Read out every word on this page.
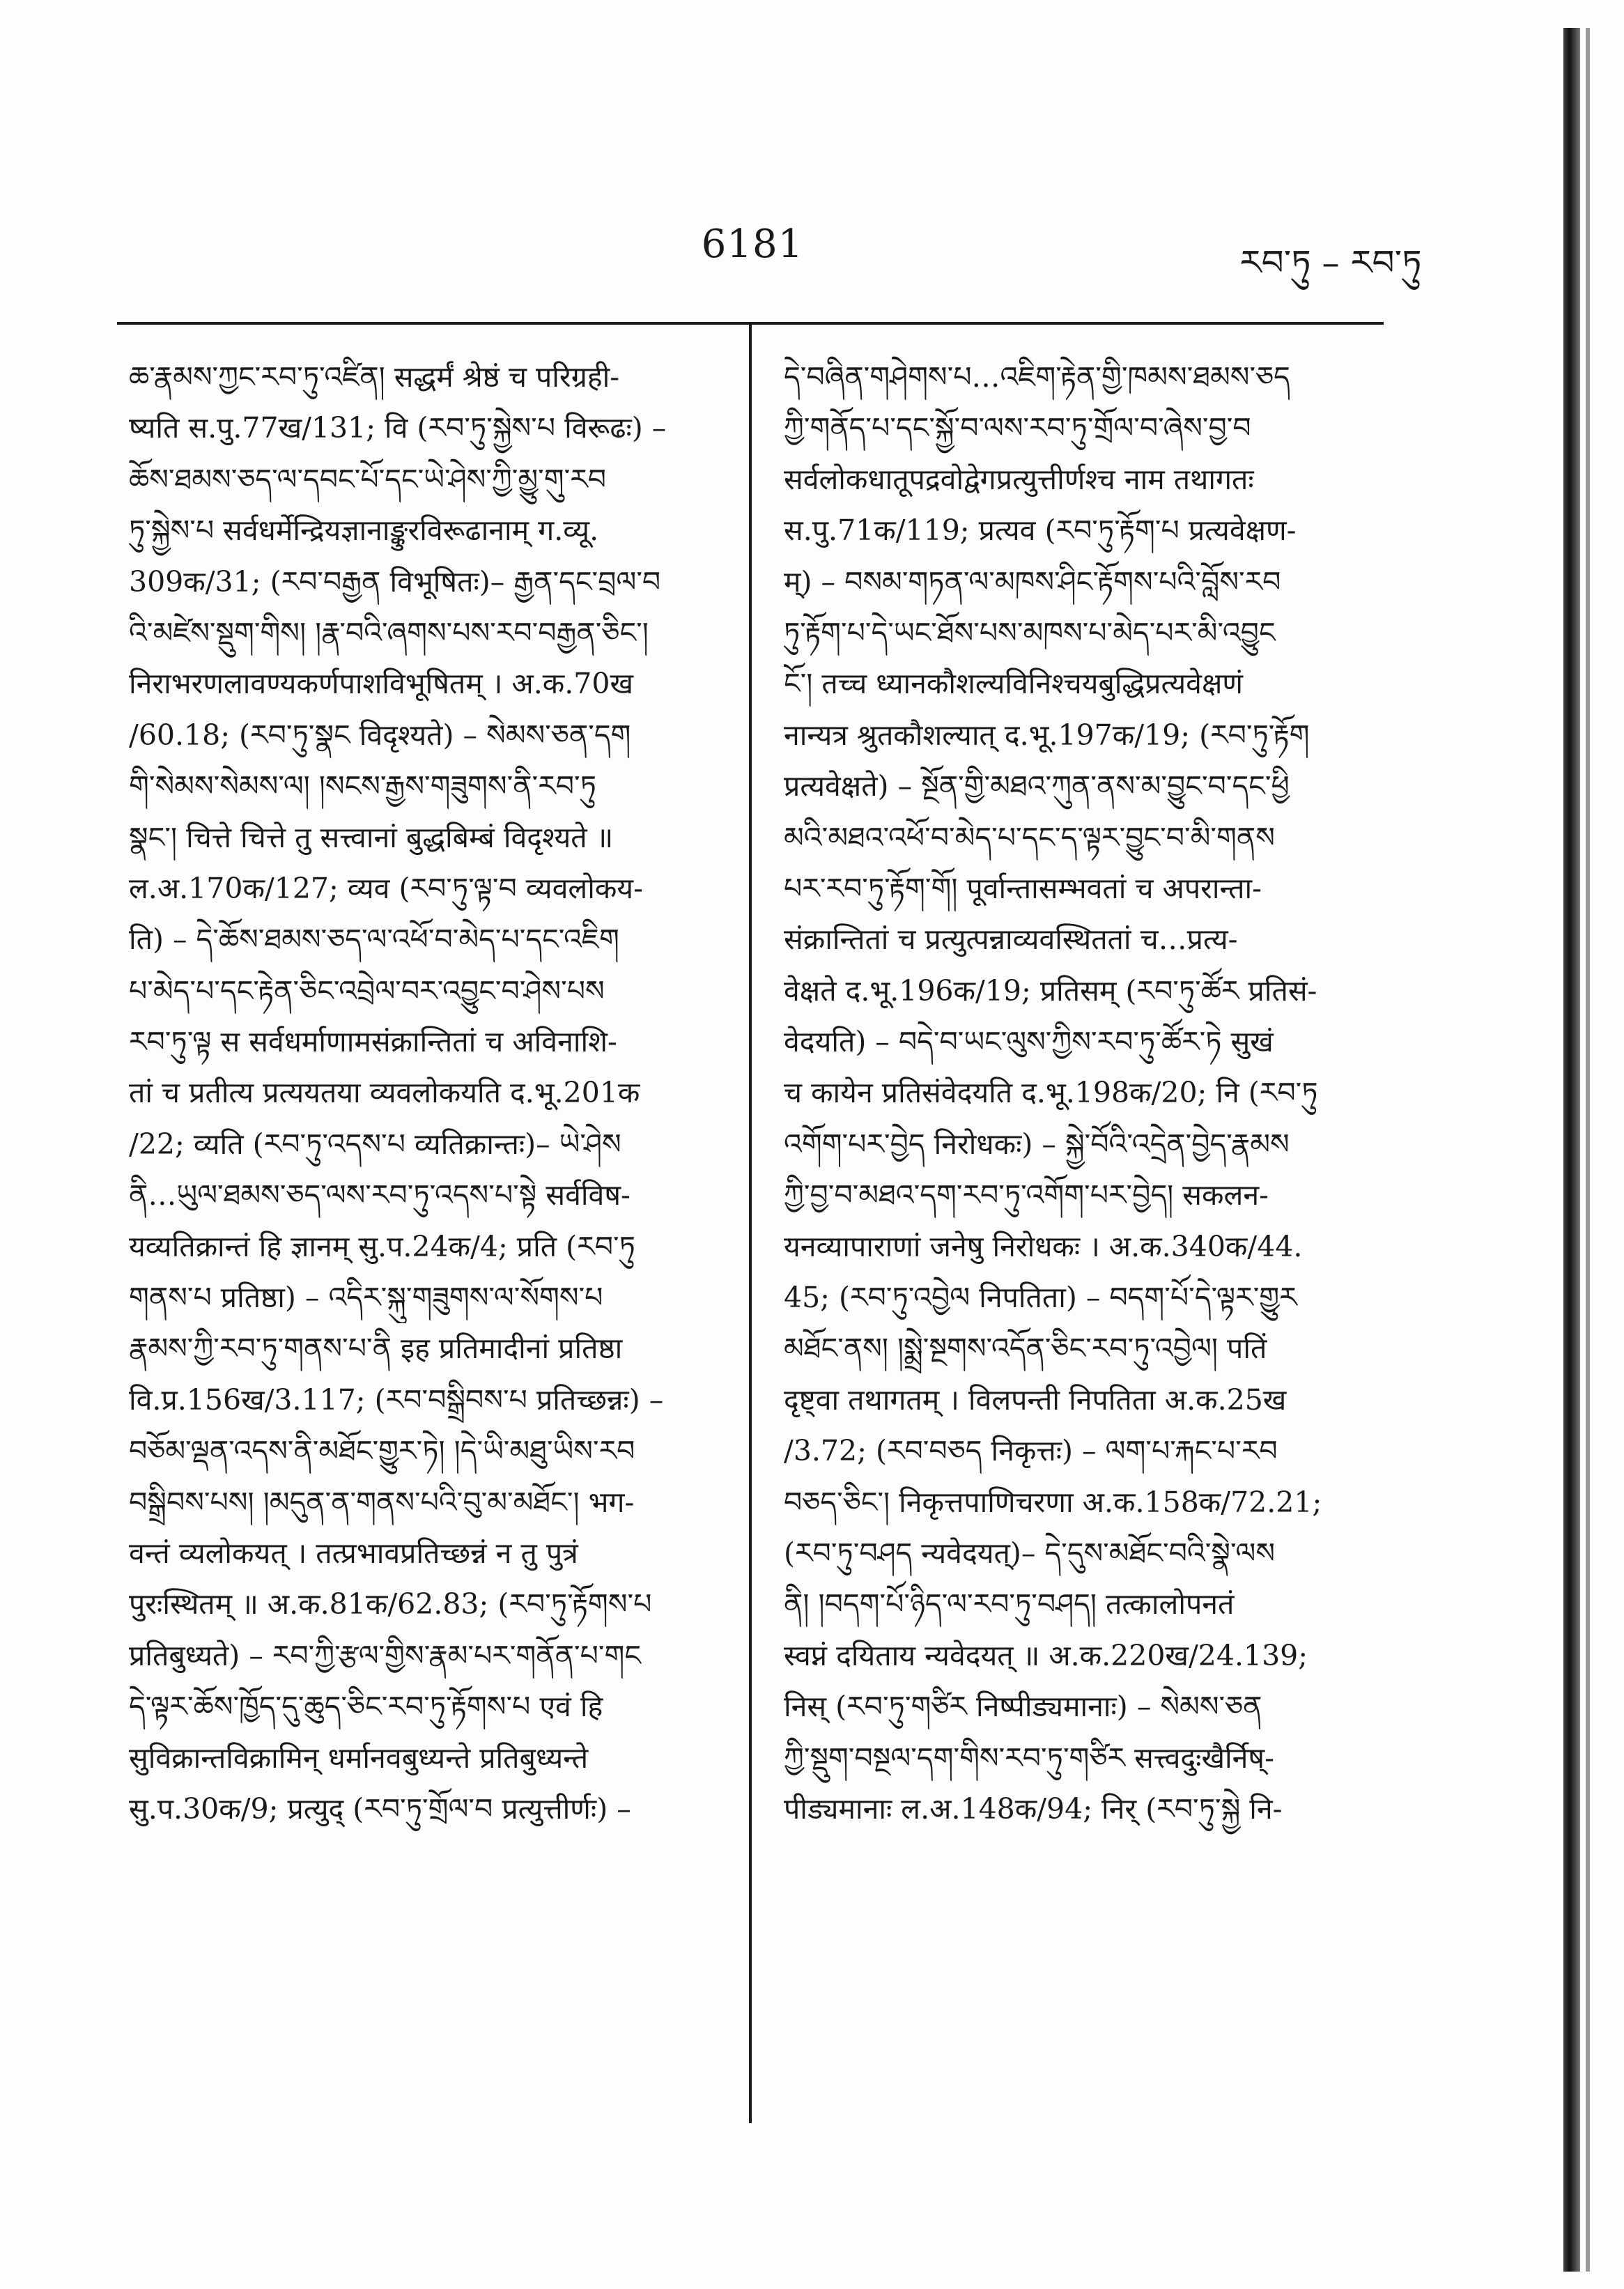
6181	རབ་ཏུ – རབ་ཏུ
ཆ་རྣམས་ཀྱང་རབ་ཏུ་འཛིན། सद्धर्मं श्रेष्ठं च परिग्रही-
ष्यति स.पु.77ख/131; वि (རབ་ཏུ་སྐྱེས་པ विरूढः) –
ཆོས་ཐམས་ཅད་ལ་དབང་པོ་དང་ཡེ་ཤེས་ཀྱི་མྱུ་གུ་རབ
ཏུ་སྐྱེས་པ सर्वधर्मेन्द्रियज्ञानाङ्कुरविरूढानाम् ग.व्यू.
309क/31; (རབ་བརྒྱན विभूषितः)– རྒྱན་དང་བྲལ་བ
འི་མཛེས་སྡུག་གིས། །རྣ་བའི་ཞགས་པས་རབ་བརྒྱན་ཅིང་།
निराभरणलावण्यकर्णपाशविभूषितम् । अ.क.70ख
/60.18; (རབ་ཏུ་སྣང विदृश्यते) – སེམས་ཅན་དག
གི་སེམས་སེམས་ལ། །སངས་རྒྱས་གཟུགས་ནི་རབ་ཏུ
སྣང་། चित्ते चित्ते तु सत्त्वानां बुद्धबिम्बं विदृश्यते ॥
ल.अ.170क/127; व्यव (རབ་ཏུ་ལྟ་བ व्यवलोकय-
ति) – དེ་ཆོས་ཐམས་ཅད་ལ་འཕོ་བ་མེད་པ་དང་འཇིག
པ་མེད་པ་དང་རྟེན་ཅིང་འབྲེལ་བར་འབྱུང་བ་ཤེས་པས
རབ་ཏུ་ལྟ स सर्वधर्माणामसंक्रान्तितां च अविनाशि-
तां च प्रतीत्य प्रत्ययतया व्यवलोकयति द.भू.201क
/22; व्यति (རབ་ཏུ་འདས་པ व्यतिक्रान्तः)– ཡེ་ཤེས
ནི…ཡུལ་ཐམས་ཅད་ལས་རབ་ཏུ་འདས་པ་སྟེ सर्वविष-
यव्यतिक्रान्तं हि ज्ञानम् सु.प.24क/4; प्रति (རབ་ཏུ
གནས་པ प्रतिष्ठा) – འདིར་སྐུ་གཟུགས་ལ་སོགས་པ
རྣམས་ཀྱི་རབ་ཏུ་གནས་པ་ནི इह प्रतिमादीनां प्रतिष्ठा
वि.प्र.156ख/3.117; (རབ་བསྒྲིབས་པ प्रतिच्छन्नः) –
བཅོམ་ལྡན་འདས་ནི་མཐོང་གྱུར་ཏེ། །དེ་ཡི་མཐུ་ཡིས་རབ
བསྒྲིབས་པས། །མདུན་ན་གནས་པའི་བུ་མ་མཐོང་། भग-
वन्तं व्यलोकयत् । तत्प्रभावप्रतिच्छन्नं न तु पुत्रं
पुरःस्थितम् ॥ अ.क.81क/62.83; (རབ་ཏུ་རྟོགས་པ
प्रतिबुध्यते) – རབ་ཀྱི་རྩལ་གྱིས་རྣམ་པར་གནོན་པ་གང
དེ་ལྟར་ཆོས་ཁྱོད་དུ་ཆུད་ཅིང་རབ་ཏུ་རྟོགས་པ एवं हि
सुविक्रान्तविक्रामिन् धर्मानवबुध्यन्ते प्रतिबुध्यन्ते
सु.प.30क/9; प्रत्युद् (རབ་ཏུ་གྲོལ་བ प्रत्युत्तीर्णः) –
དེ་བཞིན་གཤེགས་པ…འཇིག་རྟེན་གྱི་ཁམས་ཐམས་ཅད
ཀྱི་གནོད་པ་དང་སྐྱོ་བ་ལས་རབ་ཏུ་གྲོལ་བ་ཞེས་བྱ་བ
सर्वलोकधातूपद्रवोद्वेगप्रत्युत्तीर्णश्च नाम तथागतः
स.पु.71क/119; प्रत्यव (རབ་ཏུ་རྟོག་པ प्रत्यवेक्षण-
म्) – བསམ་གཏན་ལ་མཁས་ཤིང་རྟོགས་པའི་བློས་རབ
ཏུ་རྟོག་པ་དེ་ཡང་ཐོས་པས་མཁས་པ་མེད་པར་མི་འབྱུང
ངོ་། तच्च ध्यानकौशल्यविनिश्चयबुद्धिप्रत्यवेक्षणं
नान्यत्र श्रुतकौशल्यात् द.भू.197क/19; (རབ་ཏུ་རྟོག
प्रत्यवेक्षते) – སྔོན་གྱི་མཐའ་ཀུན་ནས་མ་བྱུང་བ་དང་ཕྱི
མའི་མཐའ་འཕོ་བ་མེད་པ་དང་ད་ལྟར་བྱུང་བ་མི་གནས
པར་རབ་ཏུ་རྟོག་གོ། पूर्वान्तासम्भवतां च अपरान्ता-
संक्रान्तितां च प्रत्युत्पन्नाव्यवस्थिततां च…प्रत्य-
वेक्षते द.भू.196क/19; प्रतिसम् (རབ་ཏུ་ཚོར प्रतिसं-
वेदयति) – བདེ་བ་ཡང་ལུས་ཀྱིས་རབ་ཏུ་ཚོར་ཏེ सुखं
च कायेन प्रतिसंवेदयति द.भू.198क/20; नि (རབ་ཏུ
འགོག་པར་བྱེད निरोधकः) – སྐྱེ་བོའི་འདྲེན་བྱེད་རྣམས
ཀྱི་བྱ་བ་མཐའ་དག་རབ་ཏུ་འགོག་པར་བྱེད། सकलन-
यनव्यापाराणां जनेषु निरोधकः । अ.क.340क/44.
45; (རབ་ཏུ་འབྱེལ निपतिता) – བདག་པོ་དེ་ལྟར་གྱུར
མཐོང་ནས། །སྨྲེ་སྔགས་འདོན་ཅིང་རབ་ཏུ་འབྱེལ། पतिं
दृष्ट्वा तथागतम् । विलपन्ती निपतिता अ.क.25ख
/3.72; (རབ་བཅད निकृत्तः) – ལག་པ་རྐང་པ་རབ
བཅད་ཅིང་། निकृत्तपाणिचरणा अ.क.158क/72.21;
(རབ་ཏུ་བཤད न्यवेदयत्)– དེ་དུས་མཐོང་བའི་སྣེ་ལས
ནི། །བདག་པོ་ཉིད་ལ་རབ་ཏུ་བཤད། तत्कालोपनतं
स्वप्नं दयिताय न्यवेदयत् ॥ अ.क.220ख/24.139;
निस् (རབ་ཏུ་གཙིར निष्पीड्यमानाः) – སེམས་ཅན
ཀྱི་སྡུག་བསྔལ་དག་གིས་རབ་ཏུ་གཙིར सत्त्वदुःखैर्निष्-
पीड्यमानाः ल.अ.148क/94; निर् (རབ་ཏུ་སྐྱེ नि-
